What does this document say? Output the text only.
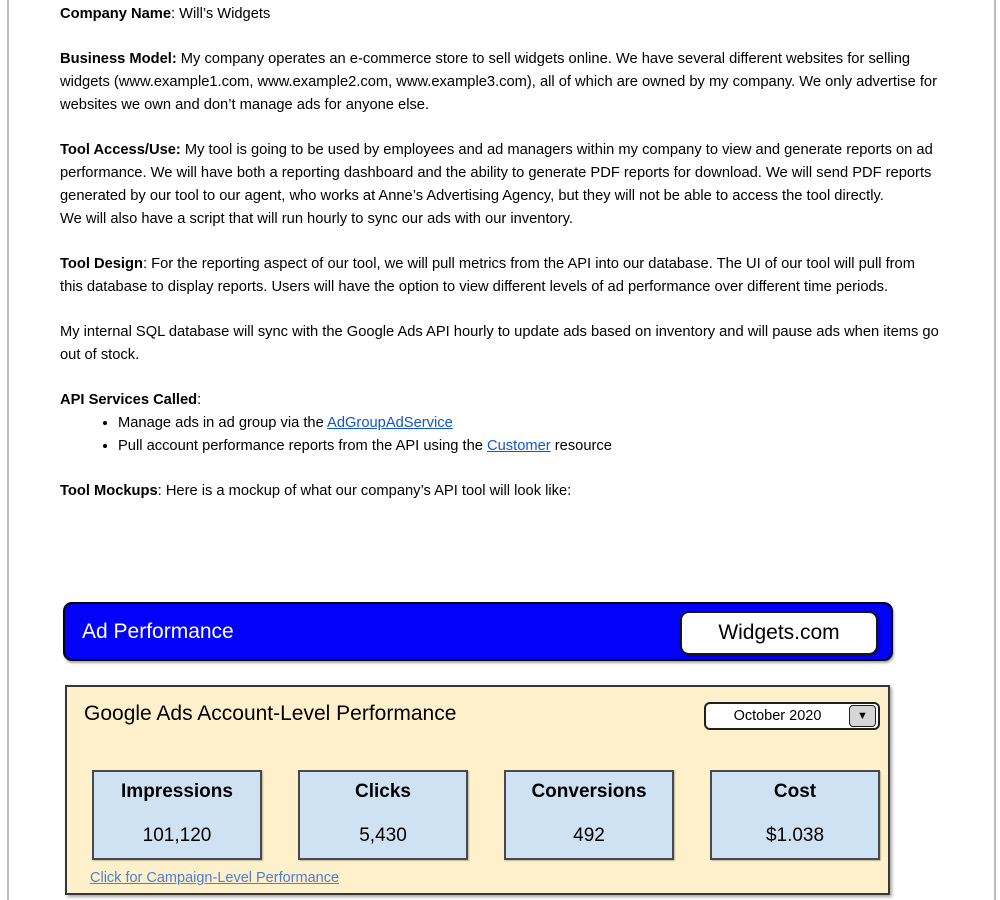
Company Name: Will’s Widgets

Business Model: My company operates an e-commerce store to sell widgets online. We have several different websites for selling widgets (www.example1.com, www.example2.com, www.example3.com), all of which are owned by my company. We only advertise for websites we own and don’t manage ads for anyone else.

Tool Access/Use: My tool is going to be used by employees and ad managers within my company to view and generate reports on ad performance. We will have both a reporting dashboard and the ability to generate PDF reports for download. We will send PDF reports generated by our tool to our agent, who works at Anne’s Advertising Agency, but they will not be able to access the tool directly.

We will also have a script that will run hourly to sync our ads with our inventory.

Tool Design: For the reporting aspect of our tool, we will pull metrics from the API into our database. The UI of our tool will pull from this database to display reports. Users will have the option to view different levels of ad performance over different time periods.

My internal SQL database will sync with the Google Ads API hourly to update ads based on inventory and will pause ads when items go out of stock.

API Services Called:

• Manage ads in ad group via the AdGroupAdService
• Pull account performance reports from the API using the Customer resource

Tool Mockups: Here is a mockup of what our company’s API tool will look like:

Ad Performance	Widgets.com
Google Ads Account-Level Performance	October 2020	▼
Impressions
101,120
Clicks
5,430
Conversions
492
Cost
$1.038
Click for Campaign-Level Performance
